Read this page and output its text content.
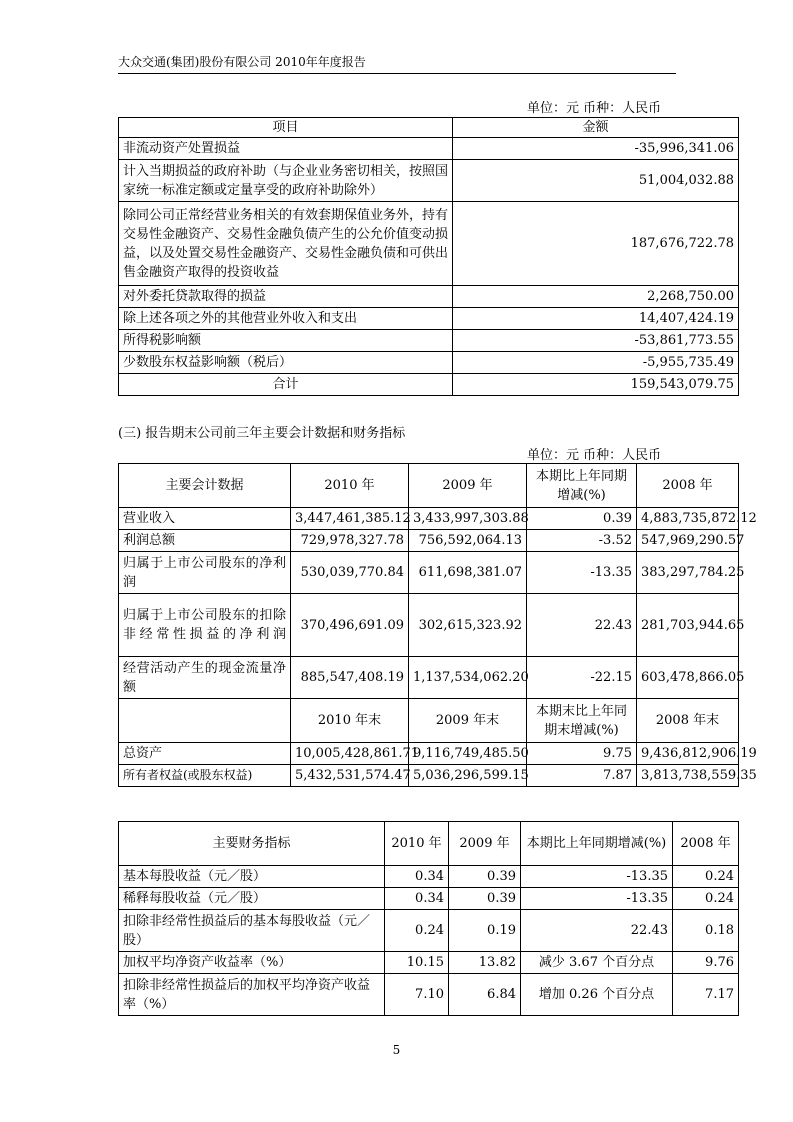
大众交通(集团)股份有限公司 2010年年度报告
单位：元 币种：人民币
项目	金额
非流动资产处置损益	-35,996,341.06
计入当期损益的政府补助（与企业业务密切相关，按照国家统一标准定额或定量享受的政府补助除外）	51,004,032.88
除同公司正常经营业务相关的有效套期保值业务外，持有交易性金融资产、交易性金融负债产生的公允价值变动损益，以及处置交易性金融资产、交易性金融负债和可供出售金融资产取得的投资收益	187,676,722.78
对外委托贷款取得的损益	2,268,750.00
除上述各项之外的其他营业外收入和支出	14,407,424.19
所得税影响额	-53,861,773.55
少数股东权益影响额（税后）	-5,955,735.49
合计	159,543,079.75
(三) 报告期末公司前三年主要会计数据和财务指标
单位：元 币种：人民币
主要会计数据	2010 年	2009 年	本期比上年同期增减(%)	2008 年
营业收入	3,447,461,385.12	3,433,997,303.88	0.39	4,883,735,872.12
利润总额	729,978,327.78	756,592,064.13	-3.52	547,969,290.57
归属于上市公司股东的净利润	530,039,770.84	611,698,381.07	-13.35	383,297,784.25
归属于上市公司股东的扣除非经常性损益的净利润	370,496,691.09	302,615,323.92	22.43	281,703,944.65
经营活动产生的现金流量净额	885,547,408.19	1,137,534,062.20	-22.15	603,478,866.05
	2010 年末	2009 年末	本期末比上年同期末增减(%)	2008 年末
总资产	10,005,428,861.71	9,116,749,485.50	9.75	9,436,812,906.19
所有者权益(或股东权益)	5,432,531,574.47	5,036,296,599.15	7.87	3,813,738,559.35
主要财务指标	2010 年	2009 年	本期比上年同期增减(%)	2008 年
基本每股收益（元／股）	0.34	0.39	-13.35	0.24
稀释每股收益（元／股）	0.34	0.39	-13.35	0.24
扣除非经常性损益后的基本每股收益（元／股）	0.24	0.19	22.43	0.18
加权平均净资产收益率（%）	10.15	13.82	减少 3.67 个百分点	9.76
扣除非经常性损益后的加权平均净资产收益率（%）	7.10	6.84	增加 0.26 个百分点	7.17
5
